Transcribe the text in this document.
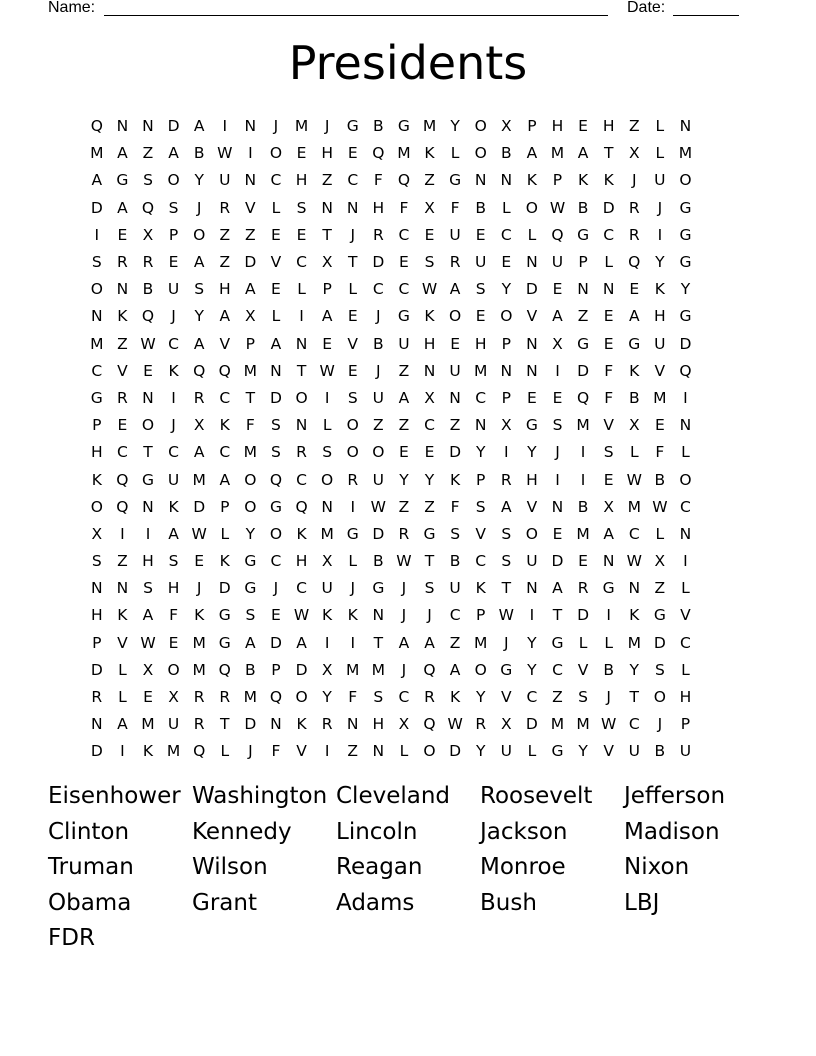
Name:	Date:
Presidents
Q N N D A	I	N	J	M	J	G B G M Y O X	P H E H Z	L N
M A Z A B W	I	O E H E Q M K	L O B A M A	T	X	L M
A G S O Y U N C H Z C	F Q Z G N N K	P	K K	J	U O
D A Q S	J	R V	L	S N N H F	X	F	B	L O W B D R	J	G
I	E X	P O Z Z E	E	T	J	R C E U E C	L Q G C R	I	G
S R R E A Z D V C X	T D E	S R U E N U P	L Q Y G
O N B U S H A E	L	P	L	C C W A S	Y D E N N E	K	Y
N K Q	J	Y	A X	L	I	A E	J	G K O E O V A Z E A H G
M Z W C A V	P	A N E V B U H E H P N X G E G U D
C V E	K Q Q M N T W E	J	Z N U M N N	I	D F	K V Q
G R N	I	R C T D O	I	S U A X N C	P	E	E Q F	B M	I
P	E O	J	X K	F	S N L O Z Z C Z N X G S M V X E N
H C T C A C M S R S O O E	E D Y	I	Y	J	I	S	L	F	L
K Q G U M A O Q C O R U Y	Y	K	P	R H	I	I	E W B O
O Q N K D P O G Q N	I	W Z Z	F	S A V N B X M W C
X	I	I	A W L	Y O K M G D R G S V S O E M A C	L N
S Z H S	E	K G C H X	L	B W T	B C S U D E N W X	I
N N S H	J	D G	J	C U	J	G	J	S U K	T N A R G N Z	L
H K A	F	K G S	E W K K N	J	J	C	P W	I	T D	I	K G V
P	V W E M G A D A	I	I	T	A A Z M	J	Y G L	L M D C
D L	X O M Q B	P D X M M	J	Q A O G Y C V B	Y	S	L
R	L	E X R R M Q O Y	F	S C R K	Y	V C Z S	J	T O H
N A M U R T D N K R N H X Q W R X D M M W C	J	P
D	I	K M Q L	J	F	V	I	Z N L O D Y U	L G Y	V U B U
Eisenhower Washington Cleveland	Roosevelt	Jefferson
Clinton	Kennedy	Lincoln	Jackson	Madison
Truman	Wilson	Reagan	Monroe	Nixon
Obama	Grant	Adams	Bush	LBJ
FDR
